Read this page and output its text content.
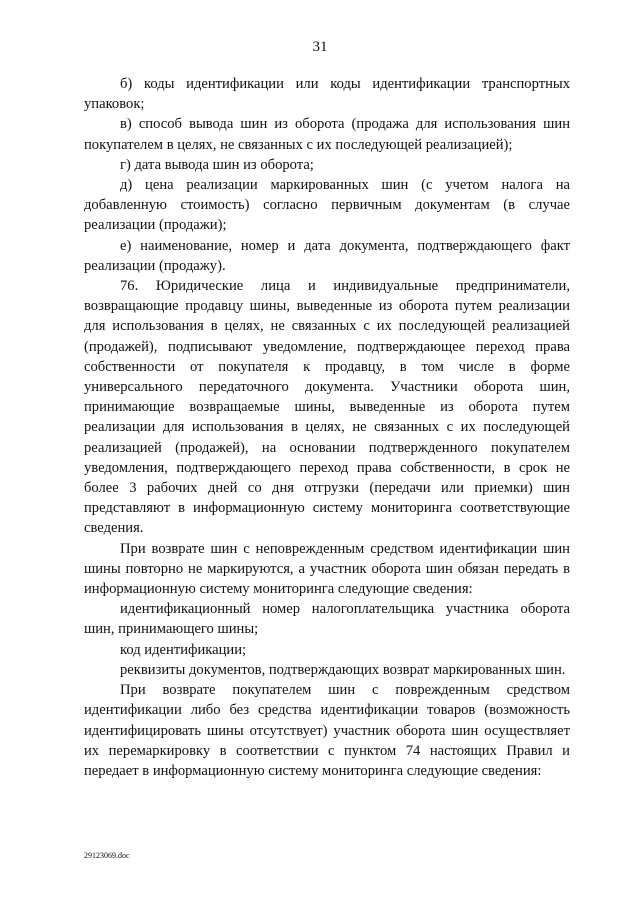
31

б) коды идентификации или коды идентификации транспортных упаковок;

в) способ вывода шин из оборота (продажа для использования шин покупателем в целях, не связанных с их последующей реализацией);

г) дата вывода шин из оборота;

д) цена реализации маркированных шин (с учетом налога на добавленную стоимость) согласно первичным документам (в случае реализации (продажи);

е) наименование, номер и дата документа, подтверждающего факт реализации (продажу).

76. Юридические лица и индивидуальные предприниматели, возвращающие продавцу шины, выведенные из оборота путем реализации для использования в целях, не связанных с их последующей реализацией (продажей), подписывают уведомление, подтверждающее переход права собственности от покупателя к продавцу, в том числе в форме универсального передаточного документа. Участники оборота шин, принимающие возвращаемые шины, выведенные из оборота путем реализации для использования в целях, не связанных с их последующей реализацией (продажей), на основании подтвержденного покупателем уведомления, подтверждающего переход права собственности, в срок не более 3 рабочих дней со дня отгрузки (передачи или приемки) шин представляют в информационную систему мониторинга соответствующие сведения.

При возврате шин с неповрежденным средством идентификации шин шины повторно не маркируются, а участник оборота шин обязан передать в информационную систему мониторинга следующие сведения:

идентификационный номер налогоплательщика участника оборота шин, принимающего шины;

код идентификации;

реквизиты документов, подтверждающих возврат маркированных шин.

При возврате покупателем шин с поврежденным средством идентификации либо без средства идентификации товаров (возможность идентифицировать шины отсутствует) участник оборота шин осуществляет их перемаркировку в соответствии с пунктом 74 настоящих Правил и передает в информационную систему мониторинга следующие сведения:

29123069.doc
